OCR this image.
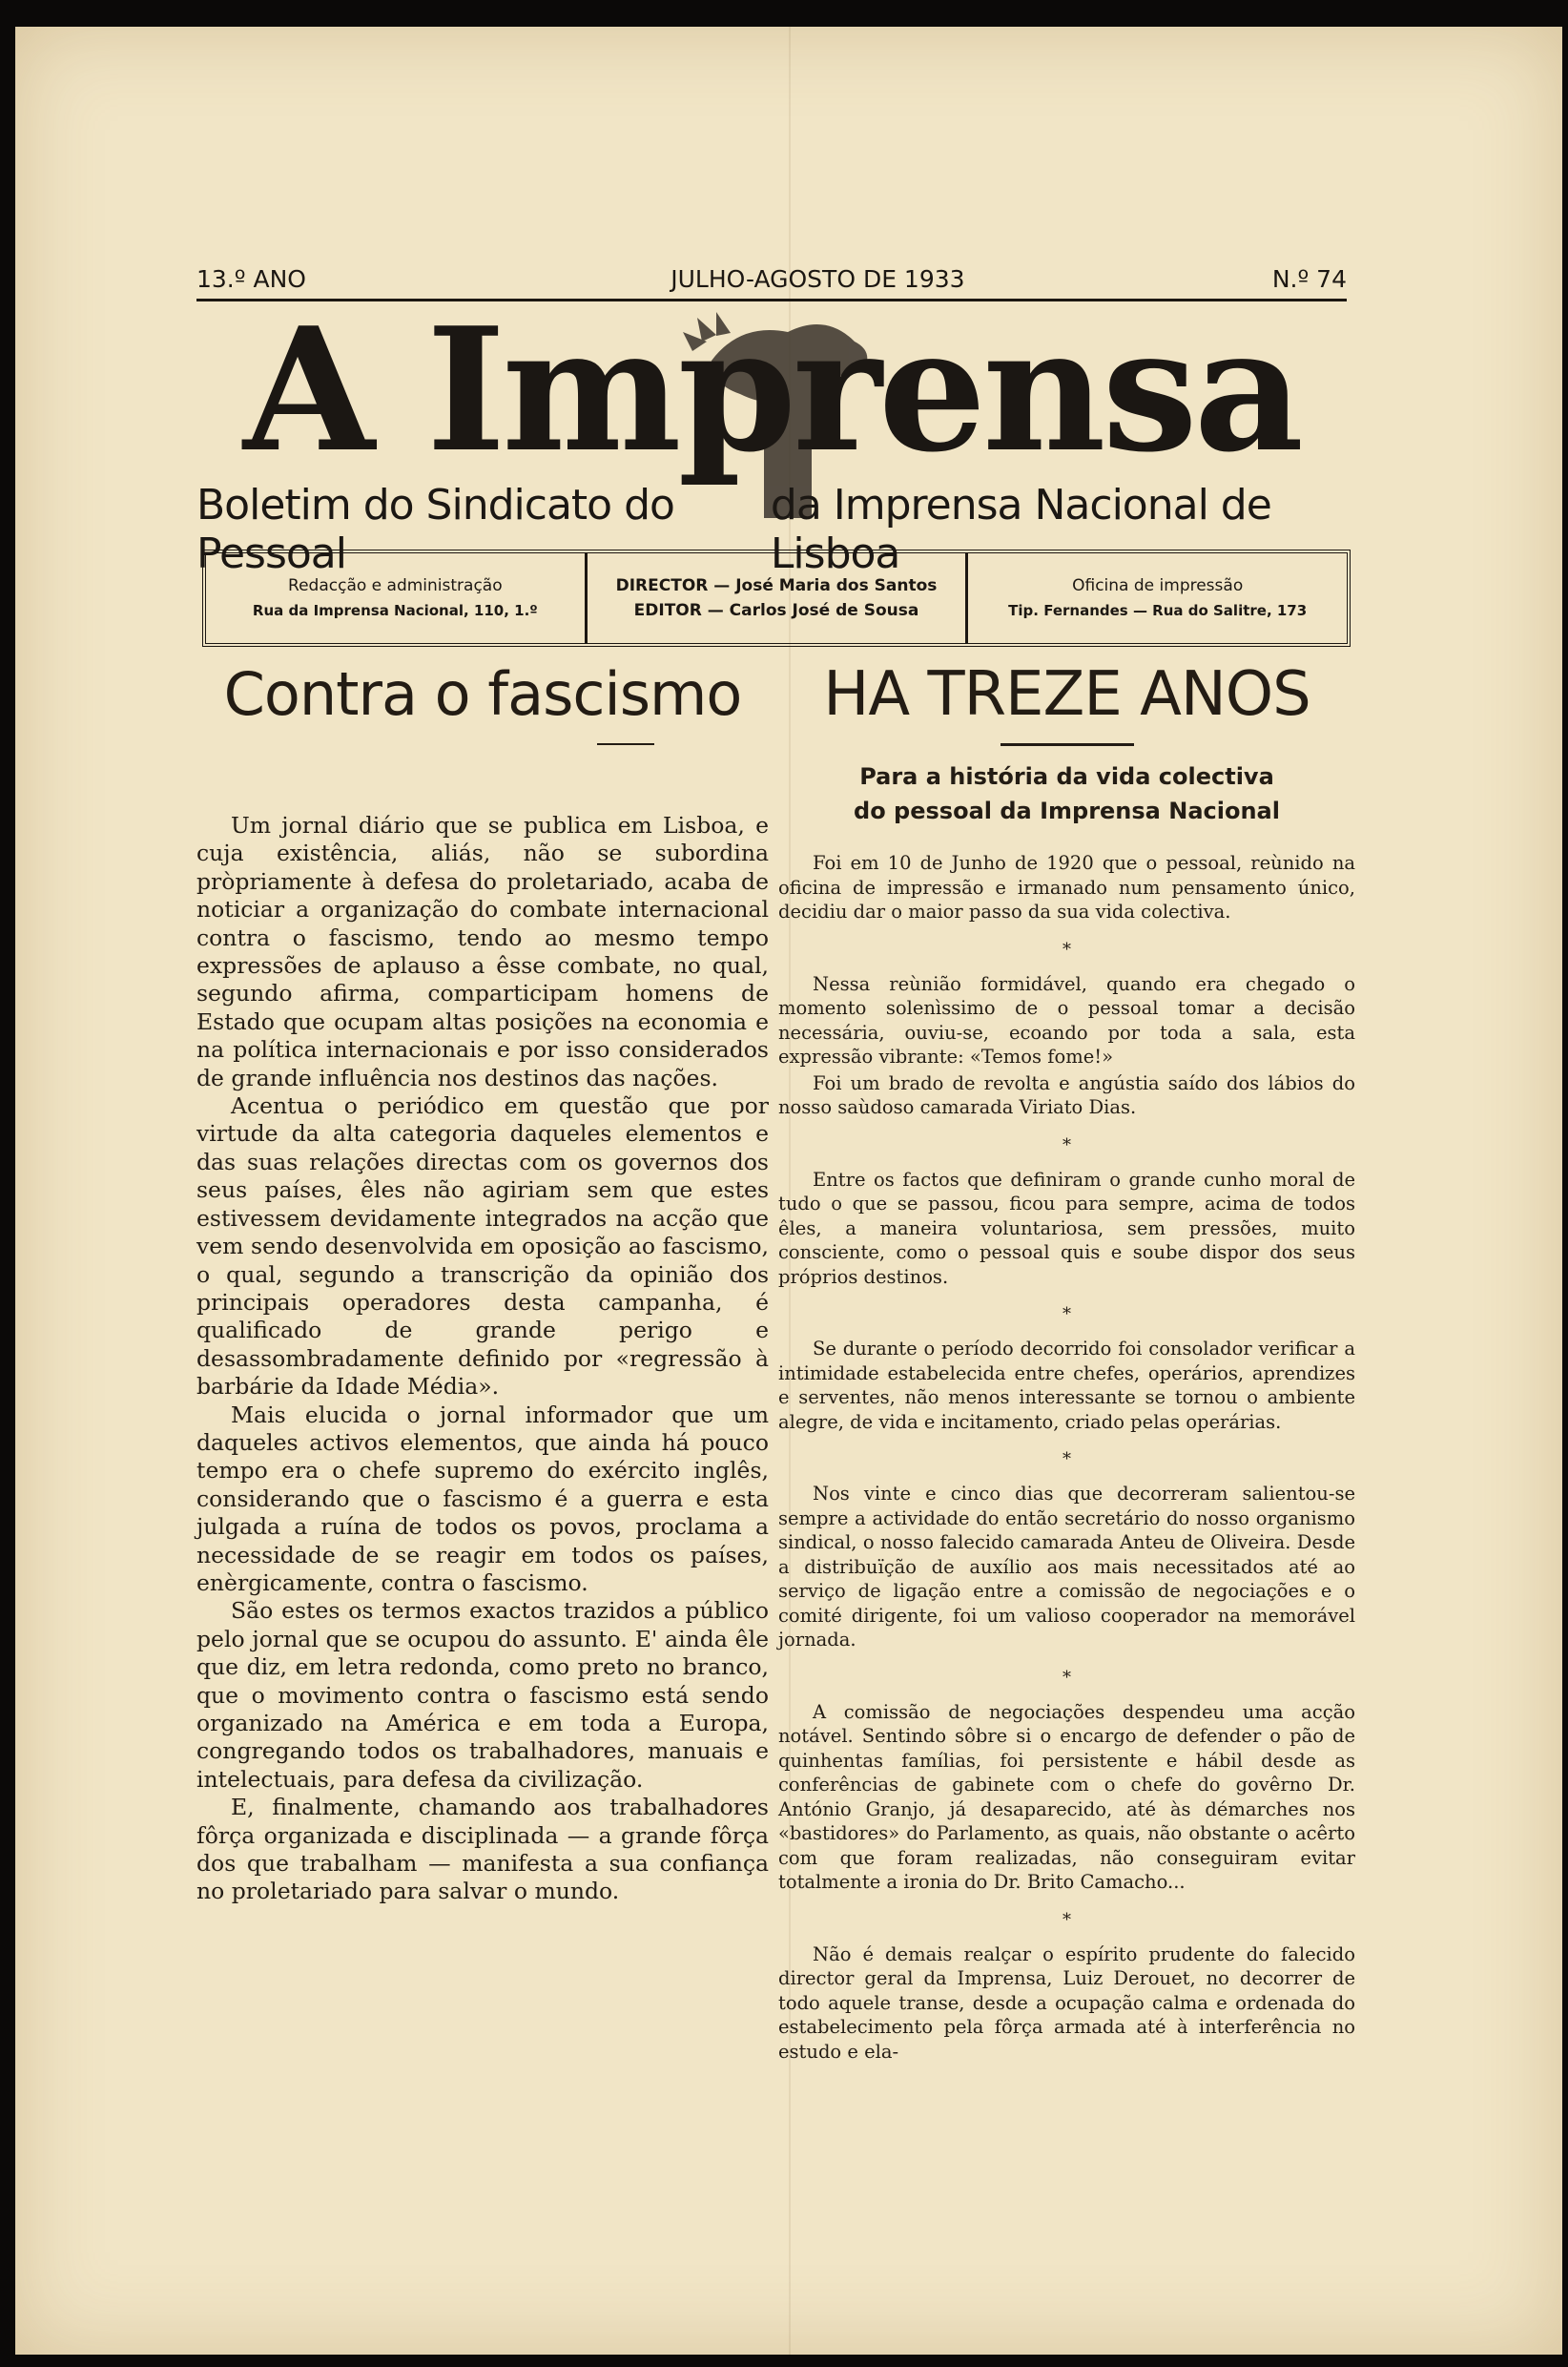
13.º ANO	JULHO-AGOSTO DE 1933	N.º 74
A Imprensa
Boletim do Sindicato do Pessoal
da Imprensa Nacional de Lisboa
Redacção e administração
Rua da Imprensa Nacional, 110, 1.º
DIRECTOR — José Maria dos Santos
EDITOR — Carlos José de Sousa
Oficina de impressão
Tip. Fernandes — Rua do Salitre, 173
Contra o fascismo

Um jornal diário que se publica em Lisboa, e cuja existência, aliás, não se subordina pròpriamente à defesa do proletariado, acaba de noticiar a organização do combate internacional contra o fascismo, tendo ao mesmo tempo expressões de aplauso a êsse combate, no qual, segundo afirma, comparticipam homens de Estado que ocupam altas posições na economia e na política internacionais e por isso considerados de grande influência nos destinos das nações.

Acentua o periódico em questão que por virtude da alta categoria daqueles elementos e das suas relações directas com os governos dos seus países, êles não agiriam sem que estes estivessem devidamente integrados na acção que vem sendo desenvolvida em oposição ao fascismo, o qual, segundo a transcrição da opinião dos principais operadores desta campanha, é qualificado de grande perigo e desassombradamente definido por «regressão à barbárie da Idade Média».

Mais elucida o jornal informador que um daqueles activos elementos, que ainda há pouco tempo era o chefe supremo do exército inglês, considerando que o fascismo é a guerra e esta julgada a ruína de todos os povos, proclama a necessidade de se reagir em todos os países, enèrgicamente, contra o fascismo.

São estes os termos exactos trazidos a público pelo jornal que se ocupou do assunto. E' ainda êle que diz, em letra redonda, como preto no branco, que o movimento contra o fascismo está sendo organizado na América e em toda a Europa, congregando todos os trabalhadores, manuais e intelectuais, para defesa da civilização.

E, finalmente, chamando aos trabalhadores fôrça organizada e disciplinada — a grande fôrça dos que trabalham — manifesta a sua confiança no proletariado para salvar o mundo.

HA TREZE ANOS
Para a história da vida colectiva
do pessoal da Imprensa Nacional

Foi em 10 de Junho de 1920 que o pessoal, reùnido na oficina de impressão e irmanado num pensamento único, decidiu dar o maior passo da sua vida colectiva.

*

Nessa reùnião formidável, quando era chegado o momento solenìssimo de o pessoal tomar a decisão necessária, ouviu-se, ecoando por toda a sala, esta expressão vibrante: «Temos fome!»

Foi um brado de revolta e angústia saído dos lábios do nosso saùdoso camarada Viriato Dias.

*

Entre os factos que definiram o grande cunho moral de tudo o que se passou, ficou para sempre, acima de todos êles, a maneira voluntariosa, sem pressões, muito consciente, como o pessoal quis e soube dispor dos seus próprios destinos.

*

Se durante o período decorrido foi consolador verificar a intimidade estabelecida entre chefes, operários, aprendizes e serventes, não menos interessante se tornou o ambiente alegre, de vida e incitamento, criado pelas operárias.

*

Nos vinte e cinco dias que decorreram salientou-se sempre a actividade do então secretário do nosso organismo sindical, o nosso falecido camarada Anteu de Oliveira. Desde a distribuïção de auxílio aos mais necessitados até ao serviço de ligação entre a comissão de negociações e o comité dirigente, foi um valioso cooperador na memorável jornada.

*

A comissão de negociações despendeu uma acção notável. Sentindo sôbre si o encargo de defender o pão de quinhentas famílias, foi persistente e hábil desde as conferências de gabinete com o chefe do govêrno Dr. António Granjo, já desaparecido, até às démarches nos «bastidores» do Parlamento, as quais, não obstante o acêrto com que foram realizadas, não conseguiram evitar totalmente a ironia do Dr. Brito Camacho...

*

Não é demais realçar o espírito prudente do falecido director geral da Imprensa, Luiz Derouet, no decorrer de todo aquele transe, desde a ocupação calma e ordenada do estabelecimento pela fôrça armada até à interferência no estudo e ela-
